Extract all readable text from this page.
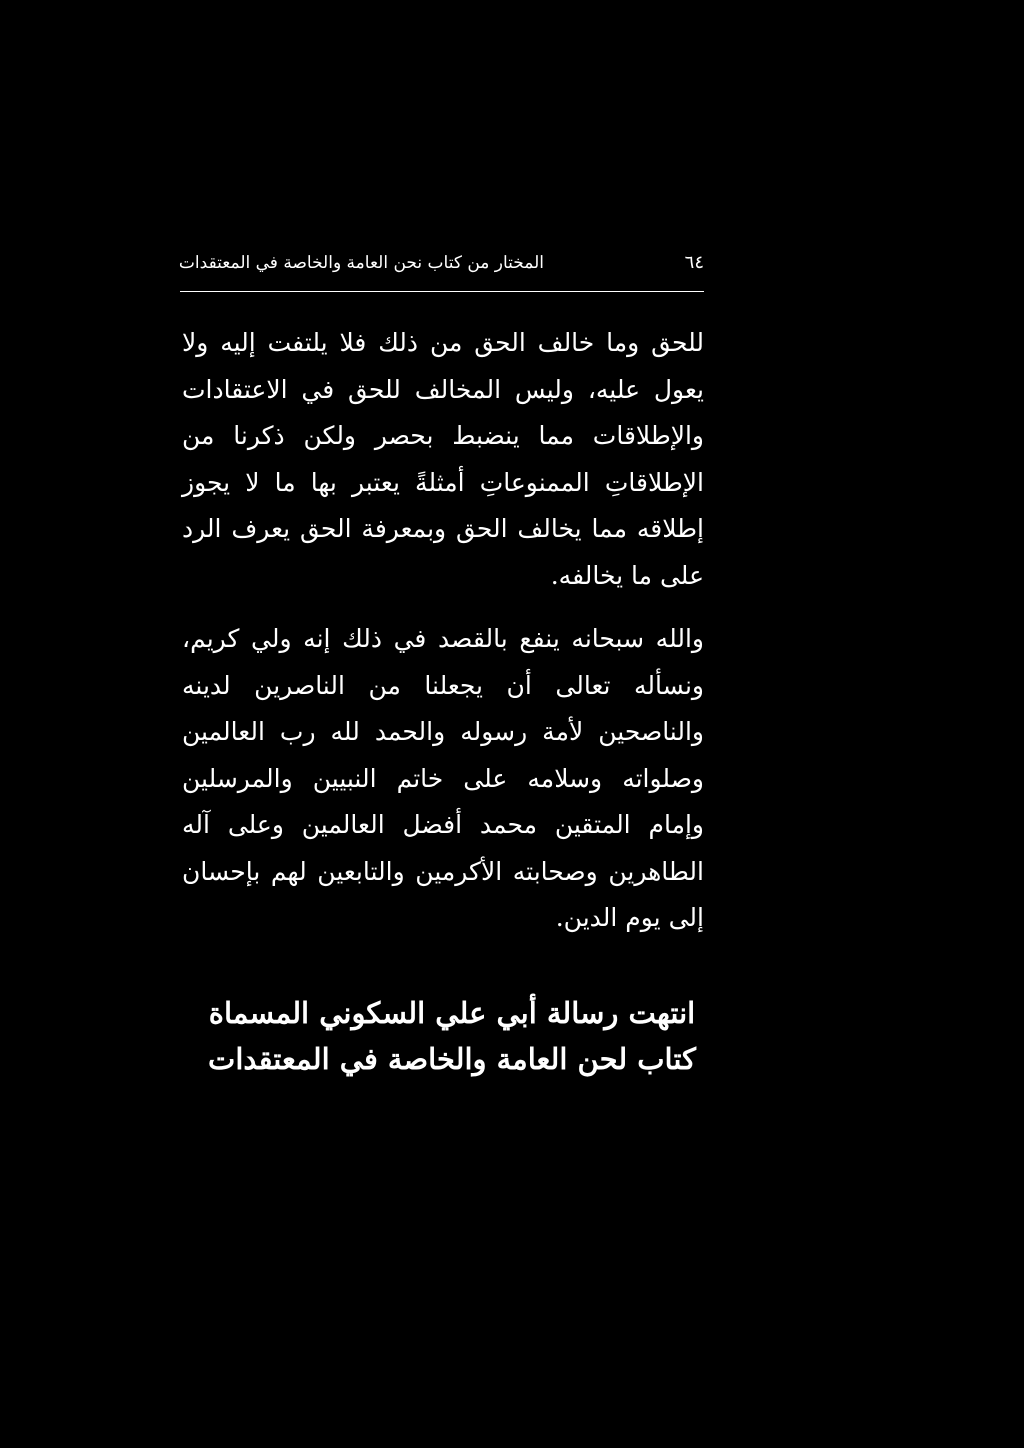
المختار من كتاب نحن العامة والخاصة في المعتقدات	٦٤

للحق وما خالف الحق من ذلك فلا يلتفت إليه ولا يعول عليه، وليس المخالف للحق في الاعتقادات والإطلاقات مما ينضبط بحصر ولكن ذكرنا من الإطلاقاتِ الممنوعاتِ أمثلةً يعتبر بها ما لا يجوز إطلاقه مما يخالف الحق وبمعرفة الحق يعرف الرد على ما يخالفه.

والله سبحانه ينفع بالقصد في ذلك إنه ولي كريم، ونسأله تعالى أن يجعلنا من الناصرين لدينه والناصحين لأمة رسوله والحمد لله رب العالمين وصلواته وسلامه على خاتم النبيين والمرسلين وإمام المتقين محمد أفضل العالمين وعلى آله الطاهرين وصحابته الأكرمين والتابعين لهم بإحسان إلى يوم الدين.

انتهت رسالة أبي علي السكوني المسماة
كتاب لحن العامة والخاصة في المعتقدات
